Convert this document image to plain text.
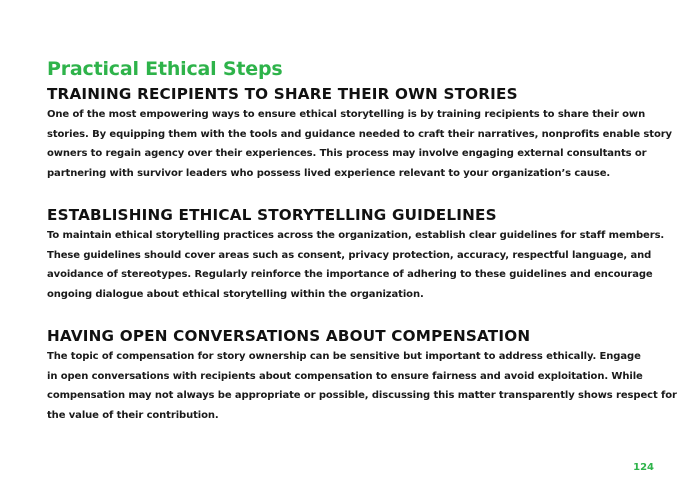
Practical Ethical Steps
TRAINING RECIPIENTS TO SHARE THEIR OWN STORIES

One of the most empowering ways to ensure ethical storytelling is by training recipients to share their own
stories. By equipping them with the tools and guidance needed to craft their narratives, nonprofits enable story
owners to regain agency over their experiences. This process may involve engaging external consultants or
partnering with survivor leaders who possess lived experience relevant to your organization’s cause.

ESTABLISHING ETHICAL STORYTELLING GUIDELINES

To maintain ethical storytelling practices across the organization, establish clear guidelines for staff members.
These guidelines should cover areas such as consent, privacy protection, accuracy, respectful language, and
avoidance of stereotypes. Regularly reinforce the importance of adhering to these guidelines and encourage
ongoing dialogue about ethical storytelling within the organization.

HAVING OPEN CONVERSATIONS ABOUT COMPENSATION

The topic of compensation for story ownership can be sensitive but important to address ethically. Engage
in open conversations with recipients about compensation to ensure fairness and avoid exploitation. While
compensation may not always be appropriate or possible, discussing this matter transparently shows respect for
the value of their contribution.

124
